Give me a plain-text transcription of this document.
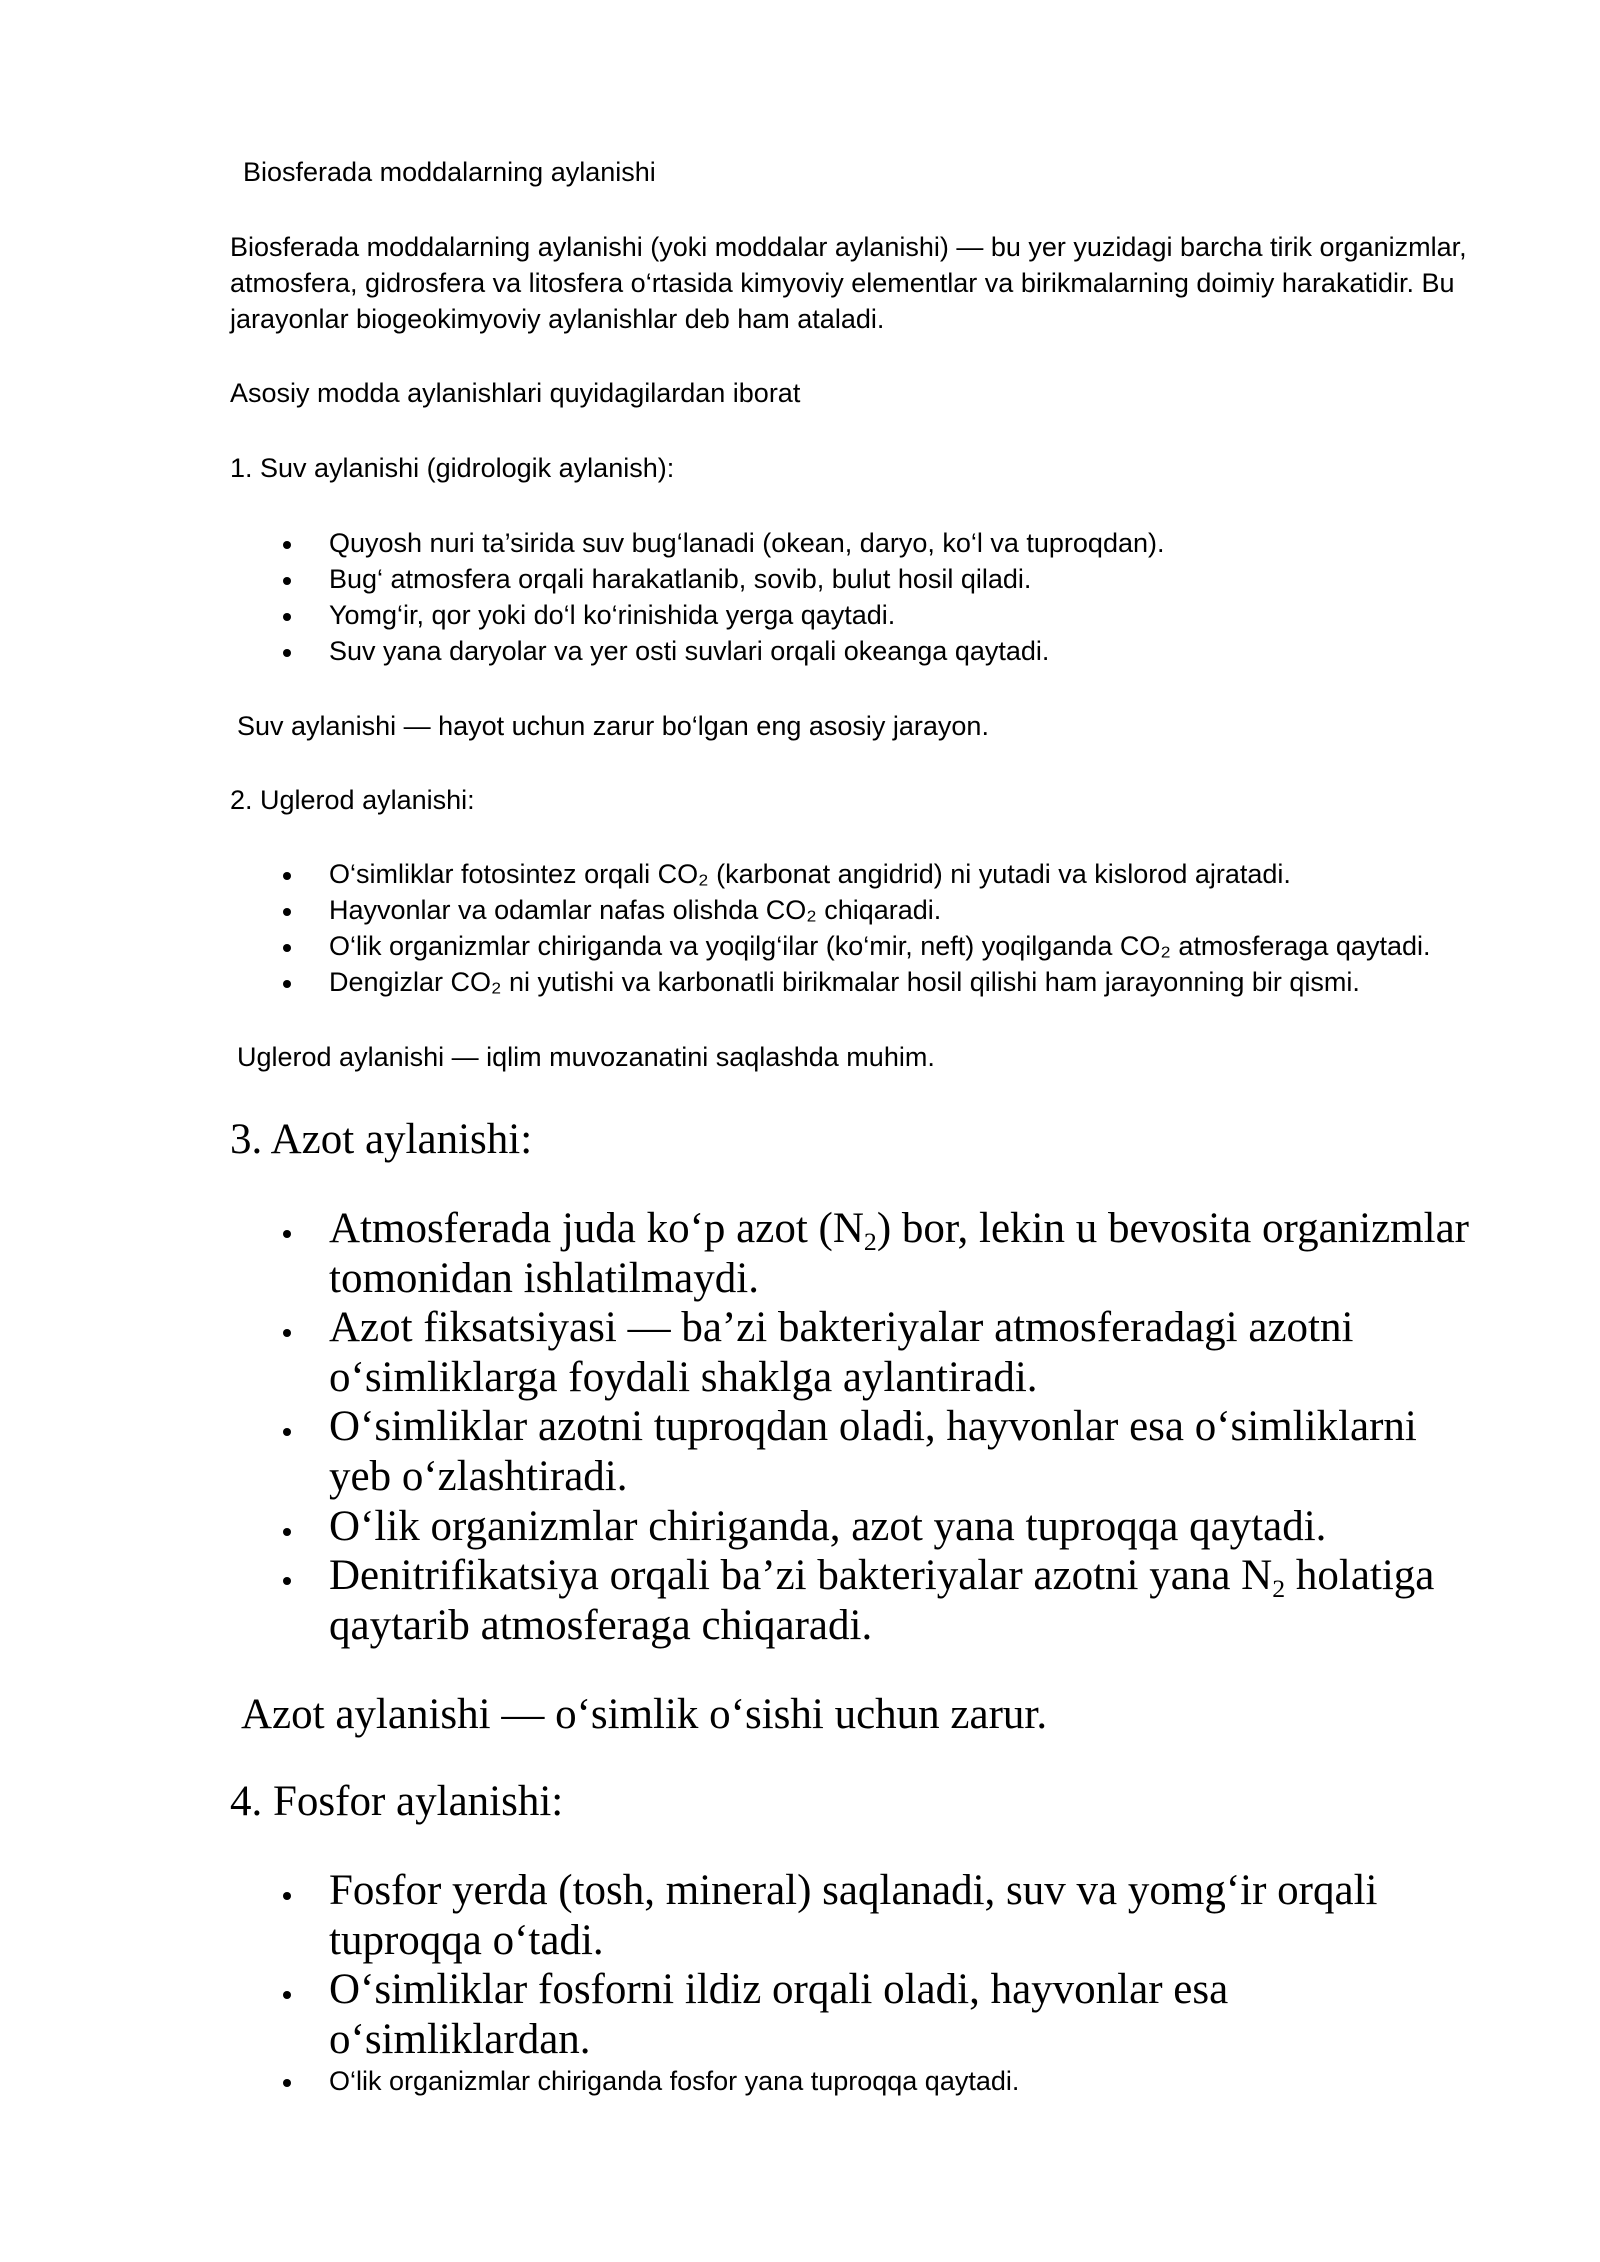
Biosferada moddalarning aylanishi

Biosferada moddalarning aylanishi (yoki moddalar aylanishi) — bu yer yuzidagi barcha tirik organizmlar, atmosfera, gidrosfera va litosfera o‘rtasida kimyoviy elementlar va birikmalarning doimiy harakatidir. Bu jarayonlar biogeokimyoviy aylanishlar deb ham ataladi.

Asosiy modda aylanishlari quyidagilardan iborat

1. Suv aylanishi (gidrologik aylanish):

Quyosh nuri ta’sirida suv bug‘lanadi (okean, daryo, ko‘l va tuproqdan).
Bug‘ atmosfera orqali harakatlanib, sovib, bulut hosil qiladi.
Yomg‘ir, qor yoki do‘l ko‘rinishida yerga qaytadi.
Suv yana daryolar va yer osti suvlari orqali okeanga qaytadi.

Suv aylanishi — hayot uchun zarur bo‘lgan eng asosiy jarayon.

2. Uglerod aylanishi:

O‘simliklar fotosintez orqali CO₂ (karbonat angidrid) ni yutadi va kislorod ajratadi.
Hayvonlar va odamlar nafas olishda CO₂ chiqaradi.
O‘lik organizmlar chiriganda va yoqilg‘ilar (ko‘mir, neft) yoqilganda CO₂ atmosferaga qaytadi.
Dengizlar CO₂ ni yutishi va karbonatli birikmalar hosil qilishi ham jarayonning bir qismi.

Uglerod aylanishi — iqlim muvozanatini saqlashda muhim.

3. Azot aylanishi:

Atmosferada juda ko‘p azot $(N_2)$ bor, lekin u bevosita organizmlar
tomonidan ishlatilmaydi.
Azot fiksatsiyasi — ba’zi bakteriyalar atmosferadagi azotni
o‘simliklarga foydali shaklga aylantiradi.
O‘simliklar azotni tuproqdan oladi, hayvonlar esa o‘simliklarni
yeb o‘zlashtiradi.
O‘lik organizmlar chiriganda, azot yana tuproqqa qaytadi.
Denitrifikatsiya orqali ba’zi bakteriyalar azotni yana $N_2$ holatiga
qaytarib atmosferaga chiqaradi.

Azot aylanishi — o‘simlik o‘sishi uchun zarur.

4. Fosfor aylanishi:

Fosfor yerda (tosh, mineral) saqlanadi, suv va yomg‘ir orqali
tuproqqa o‘tadi.
O‘simliklar fosforni ildiz orqali oladi, hayvonlar esa
o‘simliklardan.
O‘lik organizmlar chiriganda fosfor yana tuproqqa qaytadi.
